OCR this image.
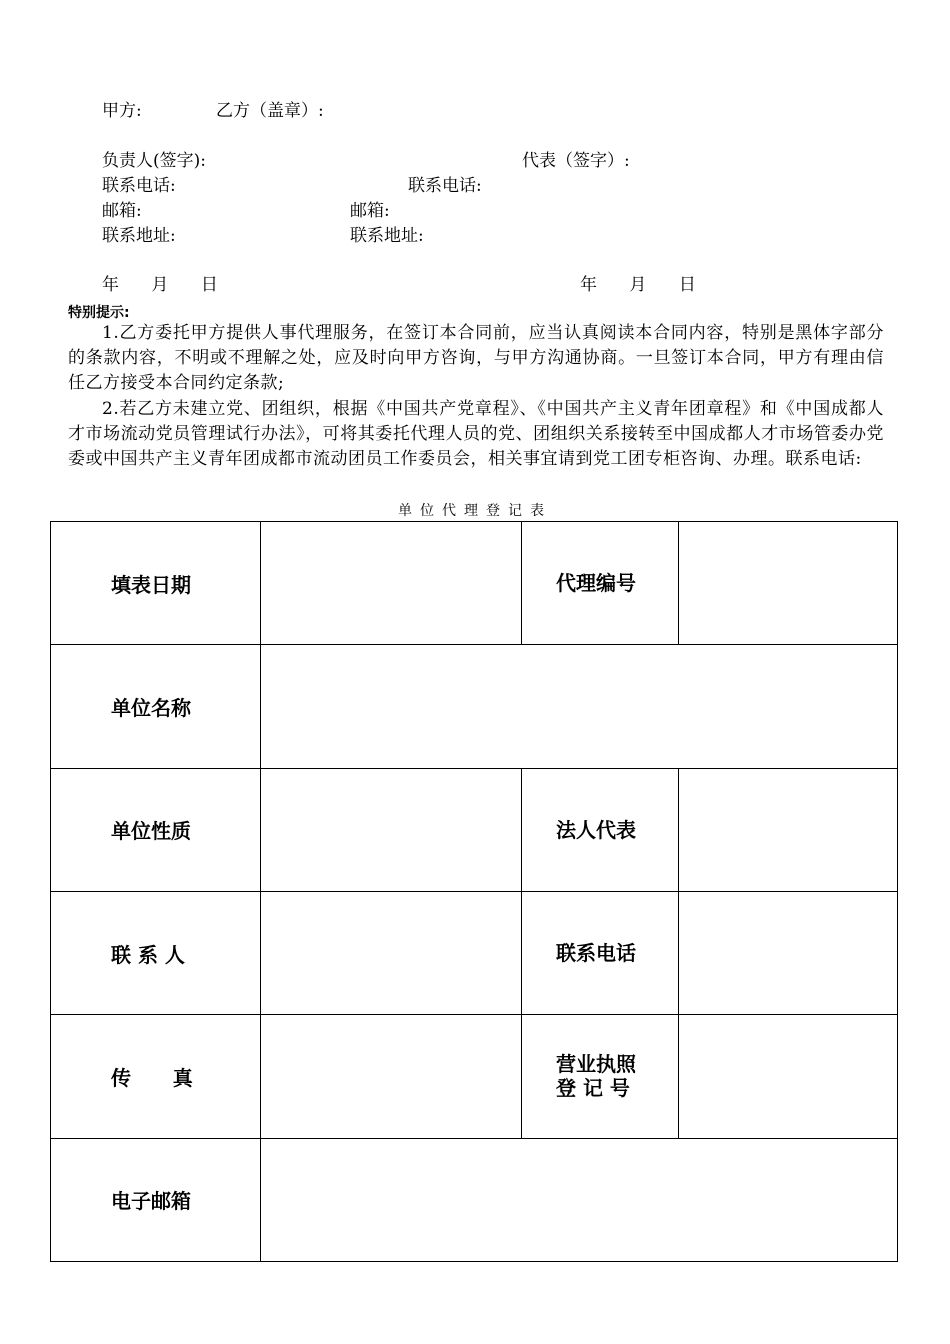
甲方:	乙方（盖章）:
负责人(签字):	代表（签字）:
联系电话:	联系电话:
邮箱:	邮箱:
联系地址:	联系地址:
年      月      日	年      月      日
特别提示:
1.乙方委托甲方提供人事代理服务，在签订本合同前，应当认真阅读本合同内容，特别是黑体字部分的条款内容，不明或不理解之处，应及时向甲方咨询，与甲方沟通协商。一旦签订本合同，甲方有理由信任乙方接受本合同约定条款;
2.若乙方未建立党、团组织，根据《中国共产党章程》、《中国共产主义青年团章程》和《中国成都人才市场流动党员管理试行办法》，可将其委托代理人员的党、团组织关系接转至中国成都人才市场管委办党委或中国共产主义青年团成都市流动团员工作委员会，相关事宜请到党工团专柜咨询、办理。联系电话:
单位代理登记表
填表日期		代理编号	
单位名称			
单位性质		法人代表	
联 系 人		联系电话	
传      真		营业执照
登 记 号	

电子邮箱			
